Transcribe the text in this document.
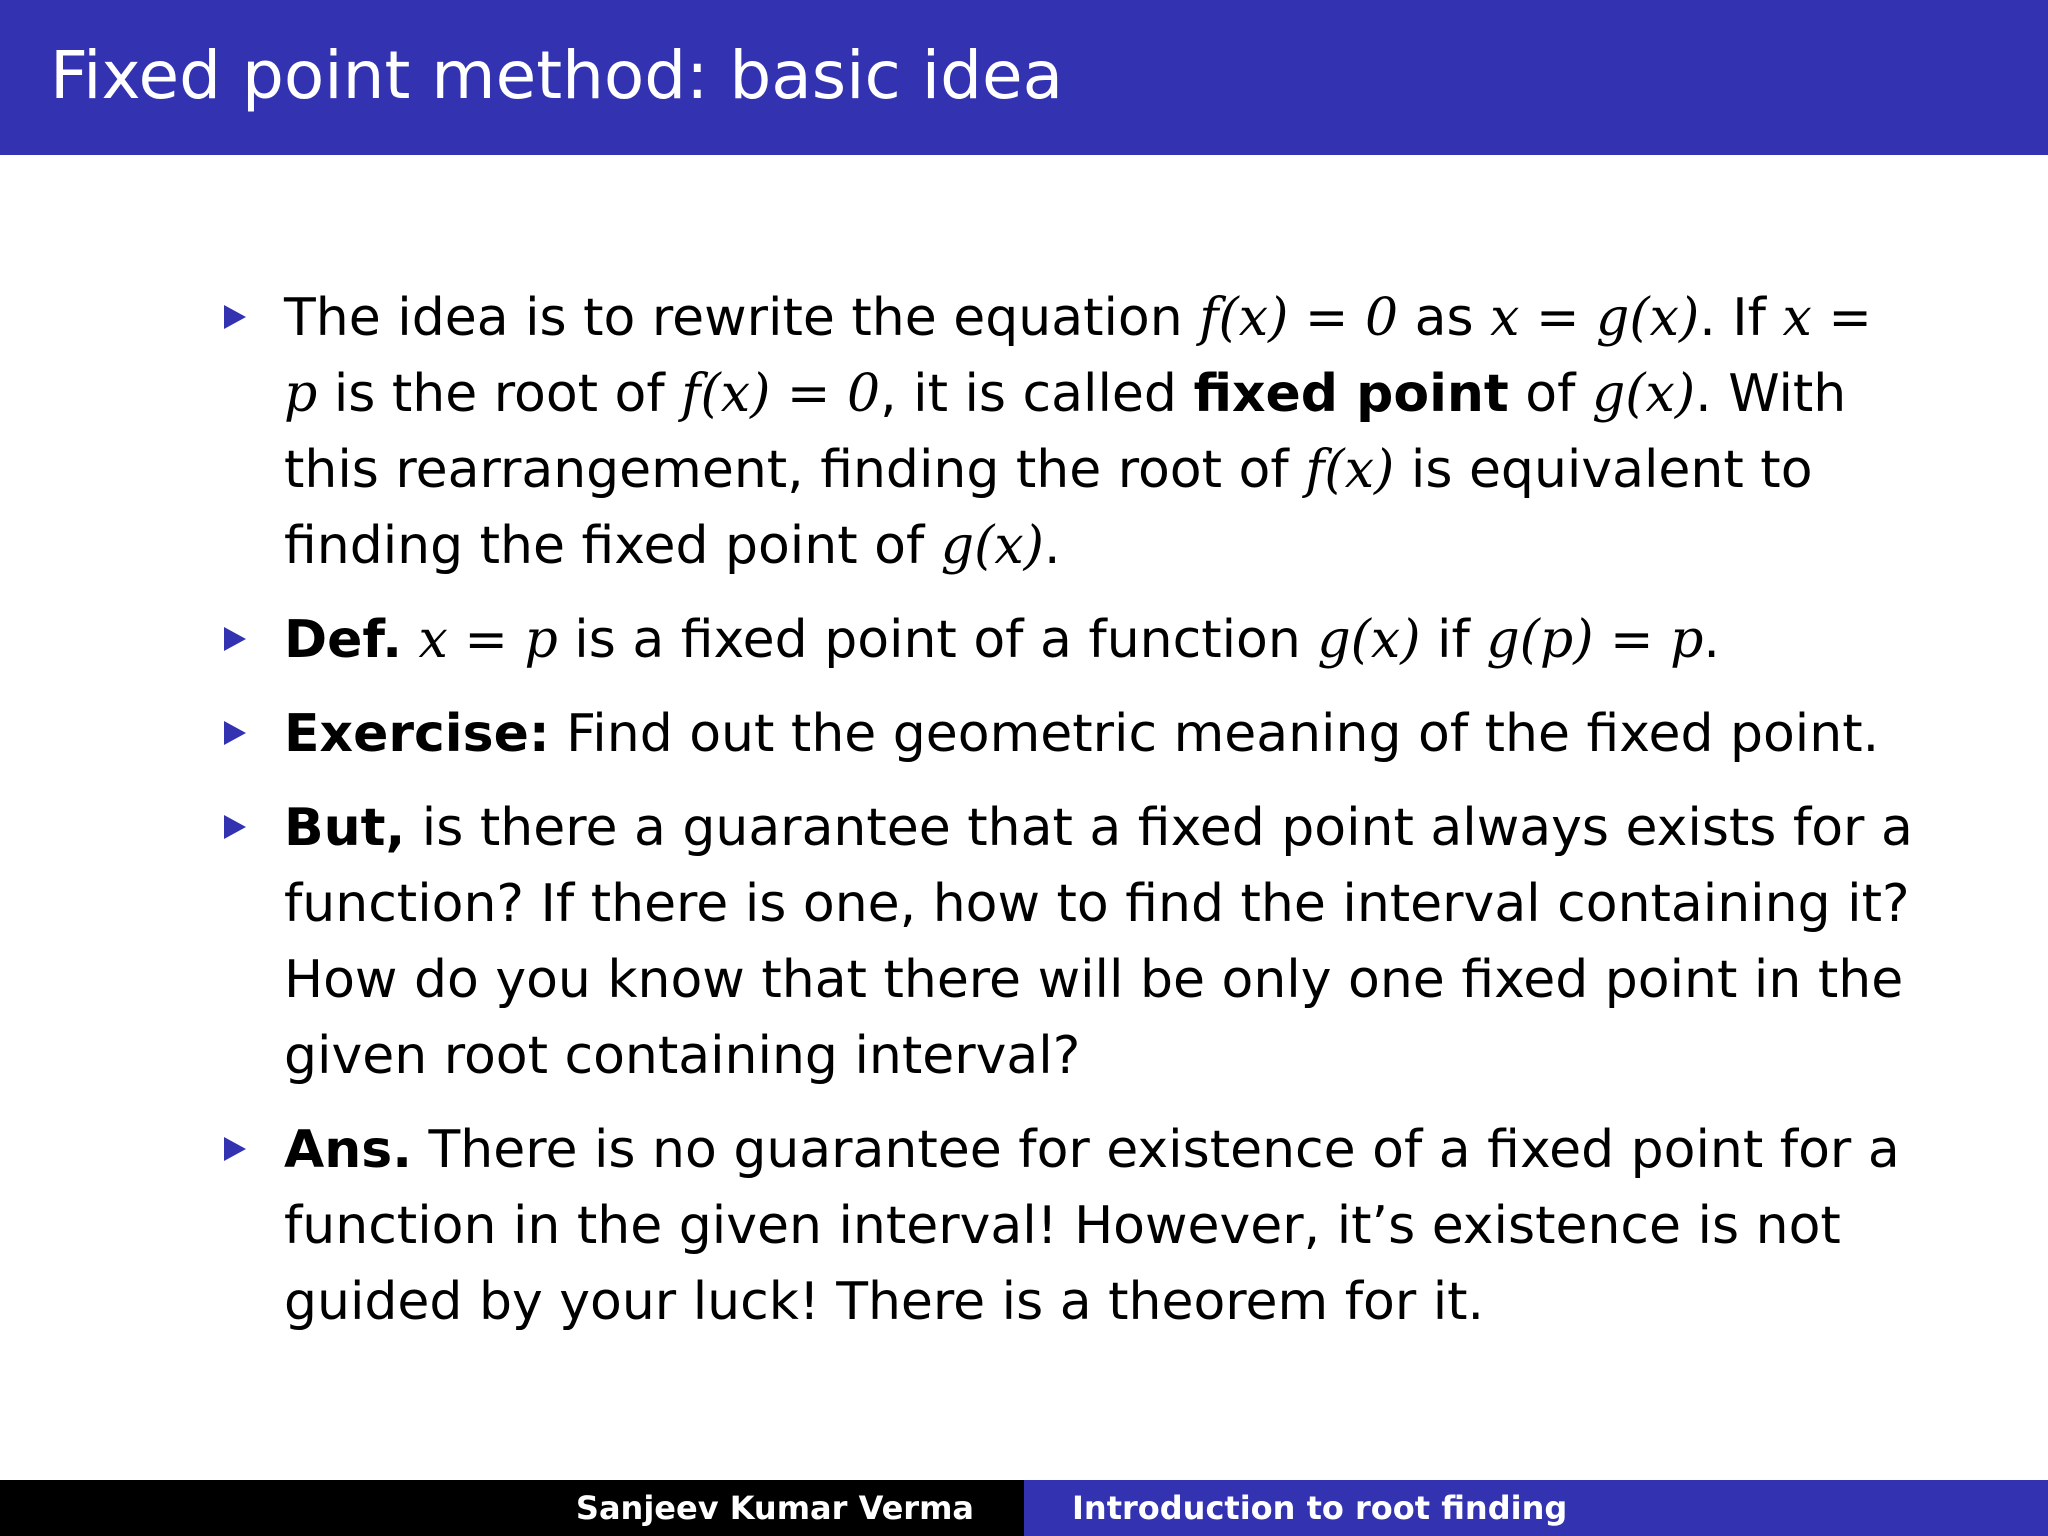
Fixed point method: basic idea
The idea is to rewrite the equation f(x) = 0 as x = g(x). If x = p is the root of f(x) = 0, it is called fixed point of g(x). With this rearrangement, finding the root of f(x) is equivalent to finding the fixed point of g(x).
Def. x = p is a fixed point of a function g(x) if g(p) = p.
Exercise: Find out the geometric meaning of the fixed point.
But, is there a guarantee that a fixed point always exists for a function? If there is one, how to find the interval containing it? How do you know that there will be only one fixed point in the given root containing interval?
Ans. There is no guarantee for existence of a fixed point for a function in the given interval! However, it’s existence is not guided by your luck! There is a theorem for it.
Sanjeev Kumar Verma	Introduction to root finding
